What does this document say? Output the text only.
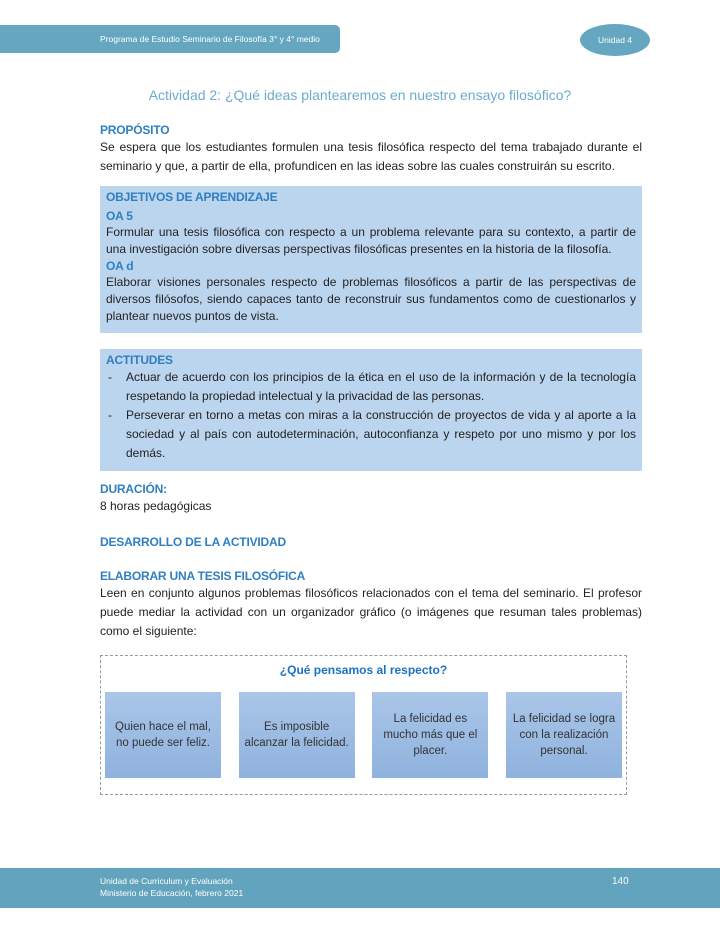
Programa de Estudio Seminario de Filosofía 3° y 4° medio	Unidad 4
Actividad 2: ¿Qué ideas plantearemos en nuestro ensayo filosófico?
PROPÓSITO
Se espera que los estudiantes formulen una tesis filosófica respecto del tema trabajado durante el seminario y que, a partir de ella, profundicen en las ideas sobre las cuales construirán su escrito.
OBJETIVOS DE APRENDIZAJE
OA 5
Formular una tesis filosófica con respecto a un problema relevante para su contexto, a partir de una investigación sobre diversas perspectivas filosóficas presentes en la historia de la filosofía.
OA d
Elaborar visiones personales respecto de problemas filosóficos a partir de las perspectivas de diversos filósofos, siendo capaces tanto de reconstruir sus fundamentos como de cuestionarlos y plantear nuevos puntos de vista.
ACTITUDES
- Actuar de acuerdo con los principios de la ética en el uso de la información y de la tecnología respetando la propiedad intelectual y la privacidad de las personas.
- Perseverar en torno a metas con miras a la construcción de proyectos de vida y al aporte a la sociedad y al país con autodeterminación, autoconfianza y respeto por uno mismo y por los demás.
DURACIÓN:
8 horas pedagógicas
DESARROLLO DE LA ACTIVIDAD
ELABORAR UNA TESIS FILOSÓFICA
Leen en conjunto algunos problemas filosóficos relacionados con el tema del seminario. El profesor puede mediar la actividad con un organizador gráfico (o imágenes que resuman tales problemas) como el siguiente:
¿Qué pensamos al respecto?
Quien hace el mal, no puede ser feliz.
Es imposible alcanzar la felicidad.
La felicidad es mucho más que el placer.
La felicidad se logra con la realización personal.
Unidad de Curriculum y Evaluación
Ministerio de Educación, febrero 2021
140
